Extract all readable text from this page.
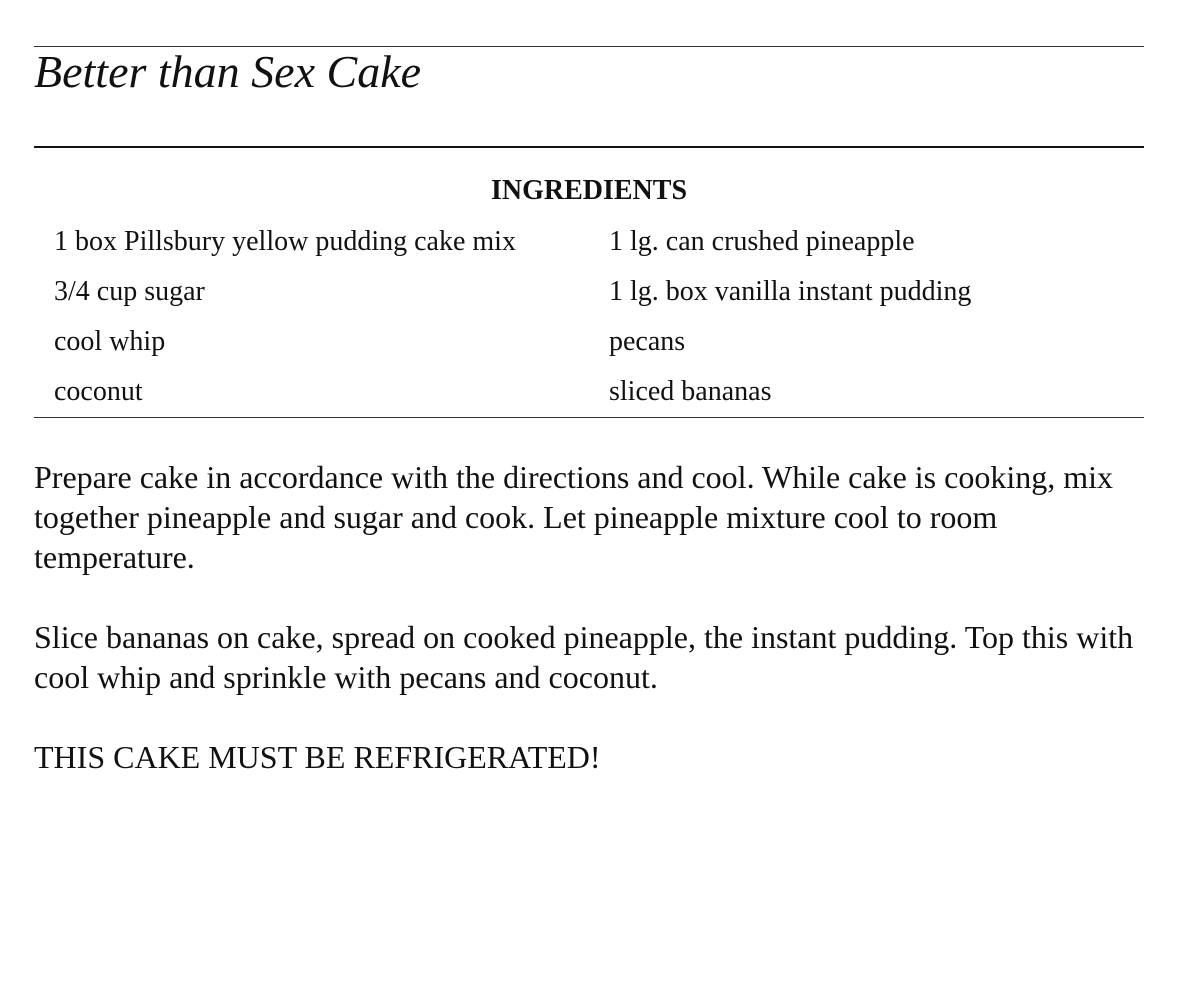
Better than Sex Cake
INGREDIENTS
1 box Pillsbury yellow pudding cake mix
3/4 cup sugar
cool whip
coconut
1 lg. can crushed pineapple
1 lg. box vanilla instant pudding
pecans
sliced bananas

Prepare cake in accordance with the directions and cool. While cake is cooking, mix together pineapple and sugar and cook. Let pineapple mixture cool to room temperature.

Slice bananas on cake, spread on cooked pineapple, the instant pudding. Top this with cool whip and sprinkle with pecans and coconut.

THIS CAKE MUST BE REFRIGERATED!
